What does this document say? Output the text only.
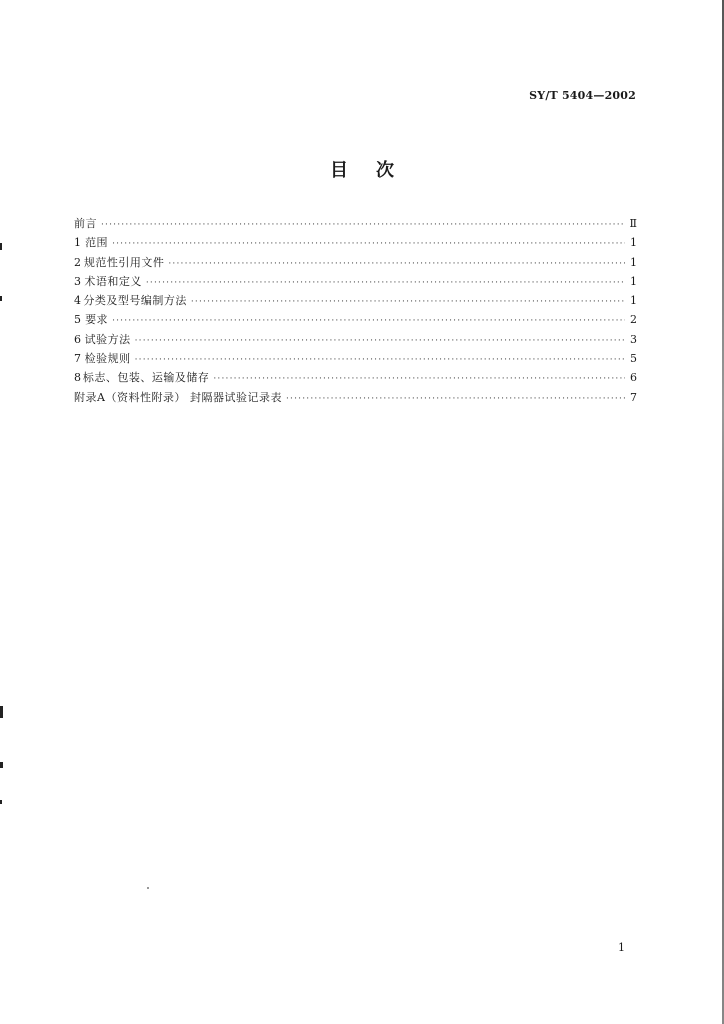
SY/T 5404—2002
目次
前言 ·····	Ⅱ
1 范围 ·····	1
2 规范性引用文件 ·····	1
3 术语和定义 ·····	1
4 分类及型号编制方法 ·····	1
5 要求 ·····	2
6 试验方法 ·····	3
7 检验规则 ·····	5
8 标志、包装、运输及储存 ·····	6
附录A（资料性附录） 封隔器试验记录表 ·····	7
1
